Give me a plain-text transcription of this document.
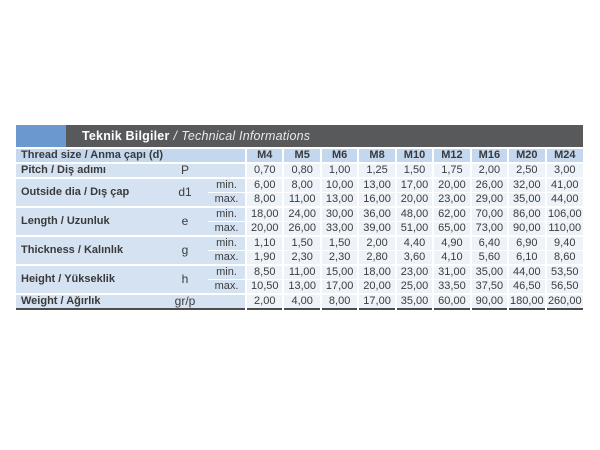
Teknik Bilgiler / Technical Informations
Thread size / Anma çapı (d)			M4	M5	M6	M8	M10	M12	M16	M20	M24
Pitch / Diş adımı	P		0,70	0,80	1,00	1,25	1,50	1,75	2,00	2,50	3,00
Outside dia / Dış çap	d1	min.	6,00	8,00	10,00	13,00	17,00	20,00	26,00	32,00	41,00
		max.	8,00	11,00	13,00	16,00	20,00	23,00	29,00	35,00	44,00
Length / Uzunluk	e	min.	18,00	24,00	30,00	36,00	48,00	62,00	70,00	86,00	106,00
		max.	20,00	26,00	33,00	39,00	51,00	65,00	73,00	90,00	110,00
Thickness / Kalınlık	g	min.	1,10	1,50	1,50	2,00	4,40	4,90	6,40	6,90	9,40
		max.	1,90	2,30	2,30	2,80	3,60	4,10	5,60	6,10	8,60
Height / Yükseklik	h	min.	8,50	11,00	15,00	18,00	23,00	31,00	35,00	44,00	53,50
		max.	10,50	13,00	17,00	20,00	25,00	33,50	37,50	46,50	56,50
Weight / Ağırlık	gr/p		2,00	4,00	8,00	17,00	35,00	60,00	90,00	180,00	260,00
